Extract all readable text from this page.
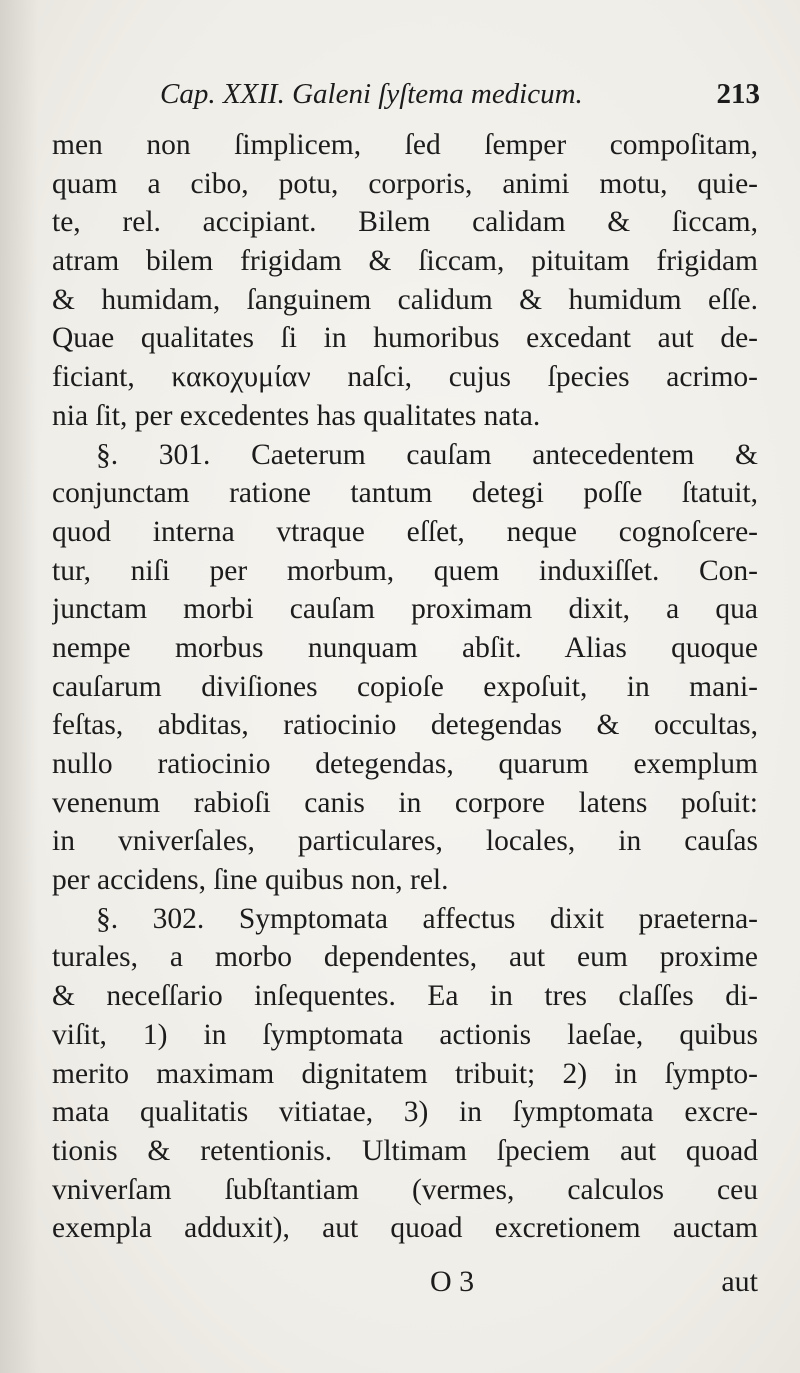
Cap. XXII. Galeni ſyſtema medicum.	213
men non ſimplicem, ſed ſemper compoſitam,
quam a cibo, potu, corporis, animi motu, quie-
te, rel. accipiant. Bilem calidam & ſiccam,
atram bilem frigidam & ſiccam, pituitam frigidam
& humidam, ſanguinem calidum & humidum eſſe.
Quae qualitates ſi in humoribus excedant aut de-
ficiant, κακοχυμίαν naſci, cujus ſpecies acrimo-
nia ſit, per excedentes has qualitates nata.
§. 301. Caeterum cauſam antecedentem &
conjunctam ratione tantum detegi poſſe ſtatuit,
quod interna vtraque eſſet, neque cognoſcere-
tur, niſi per morbum, quem induxiſſet. Con-
junctam morbi cauſam proximam dixit, a qua
nempe morbus nunquam abſit. Alias quoque
cauſarum diviſiones copioſe expoſuit, in mani-
feſtas, abditas, ratiocinio detegendas & occultas,
nullo ratiocinio detegendas, quarum exemplum
venenum rabioſi canis in corpore latens poſuit:
in vniverſales, particulares, locales, in cauſas
per accidens, ſine quibus non, rel.
§. 302. Symptomata affectus dixit praeterna-
turales, a morbo dependentes, aut eum proxime
& neceſſario inſequentes. Ea in tres claſſes di-
viſit, 1) in ſymptomata actionis laeſae, quibus
merito maximam dignitatem tribuit; 2) in ſympto-
mata qualitatis vitiatae, 3) in ſymptomata excre-
tionis & retentionis. Ultimam ſpeciem aut quoad
vniverſam ſubſtantiam (vermes, calculos ceu
exempla adduxit), aut quoad excretionem auctam
O 3	aut
